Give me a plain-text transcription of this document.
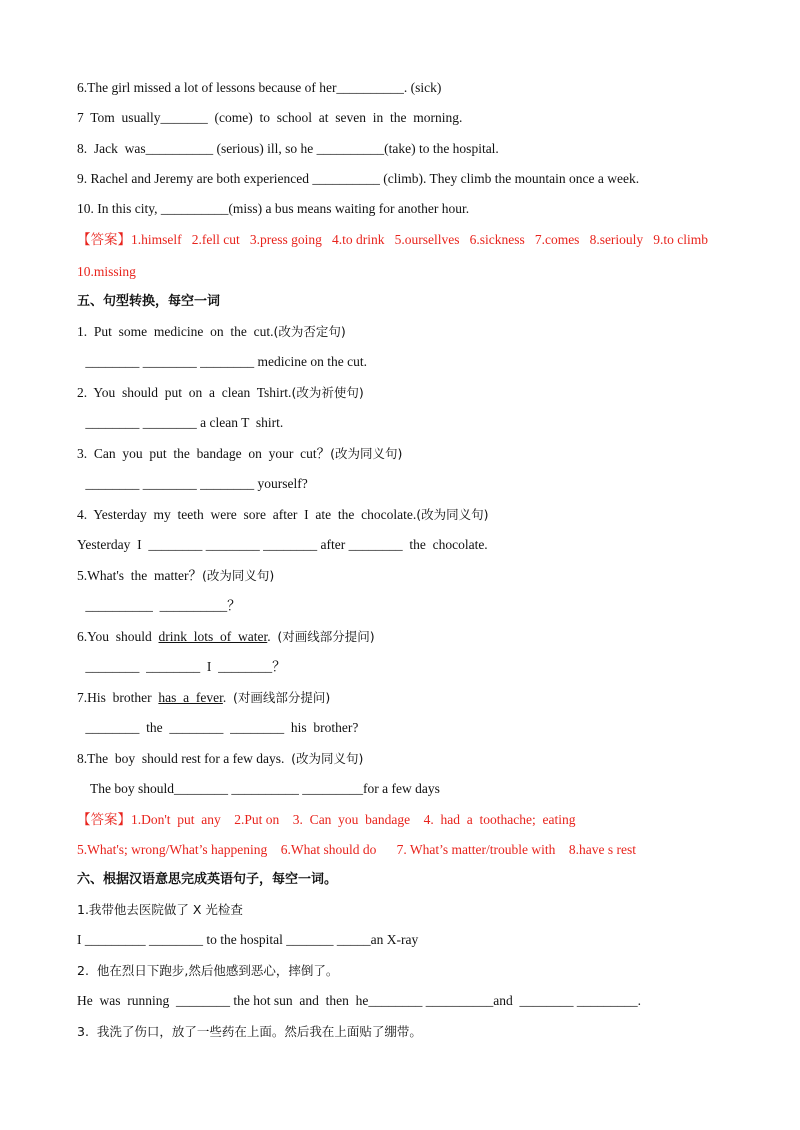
6.The girl missed a lot of lessons because of her__________. (sick)
7  Tom  usually_______  (come)  to  school  at  seven  in  the  morning.
8.  Jack  was__________ (serious) ill, so he __________(take) to the hospital.
9. Rachel and Jeremy are both experienced __________ (climb). They climb the mountain once a week.
10. In this city, __________(miss) a bus means waiting for another hour.
【答案】1.himself   2.fell cut   3.press going   4.to drink   5.oursellves   6.sickness   7.comes   8.seriouly   9.to climb
10.missing
五、句型转换，每空一词
1.  Put  some  medicine  on  the  cut.(改为否定句)
________ ________ ________ medicine on the cut.
2.  You  should  put  on  a  clean  Tshirt.(改为祈使句)
________ ________ a clean T  shirt.
3.  Can  you  put  the  bandage  on  your  cut？(改为同义句)
________ ________ ________ yourself?
4.  Yesterday  my  teeth  were  sore  after  I  ate  the  chocolate.(改为同义句)
Yesterday  I  ________ ________ ________ after ________  the  chocolate.
5.What's  the  matter？(改为同义句)
__________  __________？
6.You  should  drink  lots  of  water.  (对画线部分提问)
________  ________  I  ________？
7.His  brother  has  a  fever.  (对画线部分提问)
________  the  ________  ________  his  brother?
8.The  boy  should rest for a few days.  (改为同义句)
The boy should________ __________ _________for a few days
【答案】1.Don't  put  any    2.Put on    3.  Can  you  bandage    4.  had  a  toothache;  eating
5.What's; wrong/What’s happening    6.What should do      7. What’s matter/trouble with    8.have s rest
六、根据汉语意思完成英语句子，每空一词。
1.我带他去医院做了 X 光检查
I _________ ________ to the hospital _______ _____an X-ray
2.  他在烈日下跑步,然后他感到恶心，摔倒了。
He  was  running  ________ the hot sun  and  then  he________ __________and  ________ _________.
3.  我洗了伤口，放了一些药在上面。然后我在上面贴了绷带。
